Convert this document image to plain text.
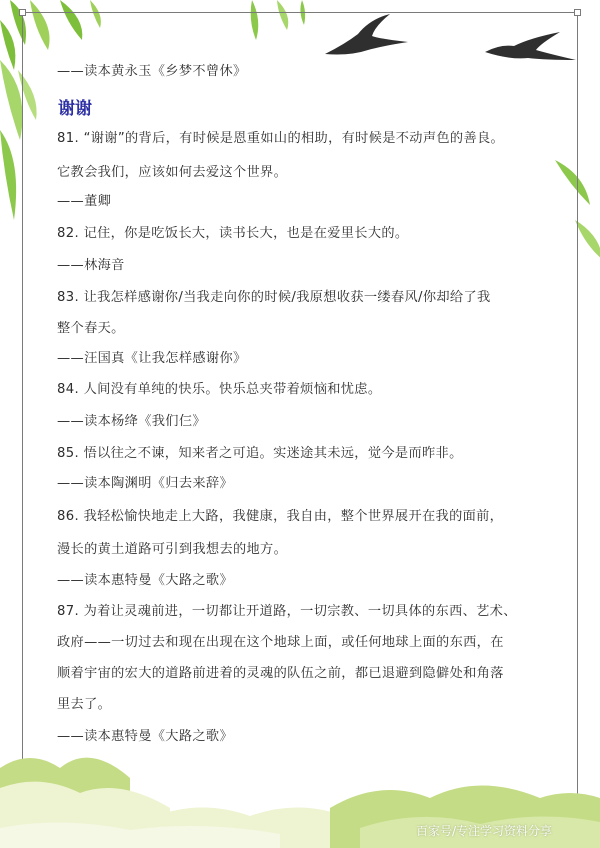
——读本黄永玉《乡梦不曾休》
谢谢
81. “谢谢”的背后，有时候是恩重如山的相助，有时候是不动声色的善良。
它教会我们，应该如何去爱这个世界。
——董卿
82. 记住，你是吃饭长大，读书长大，也是在爱里长大的。
——林海音
83. 让我怎样感谢你/当我走向你的时候/我原想收获一缕春风/你却给了我
整个春天。
——汪国真《让我怎样感谢你》
84. 人间没有单纯的快乐。快乐总夹带着烦恼和忧虑。
——读本杨绛《我们仨》
85. 悟以往之不谏，知来者之可追。实迷途其未远，觉今是而昨非。
——读本陶渊明《归去来辞》
86. 我轻松愉快地走上大路，我健康，我自由，整个世界展开在我的面前，
漫长的黄土道路可引到我想去的地方。
——读本惠特曼《大路之歌》
87. 为着让灵魂前进，一切都让开道路，一切宗教、一切具体的东西、艺术、
政府——一切过去和现在出现在这个地球上面，或任何地球上面的东西，在
顺着宇宙的宏大的道路前进着的灵魂的队伍之前，都已退避到隐僻处和角落
里去了。
——读本惠特曼《大路之歌》
百家号/专注学习资料分享
